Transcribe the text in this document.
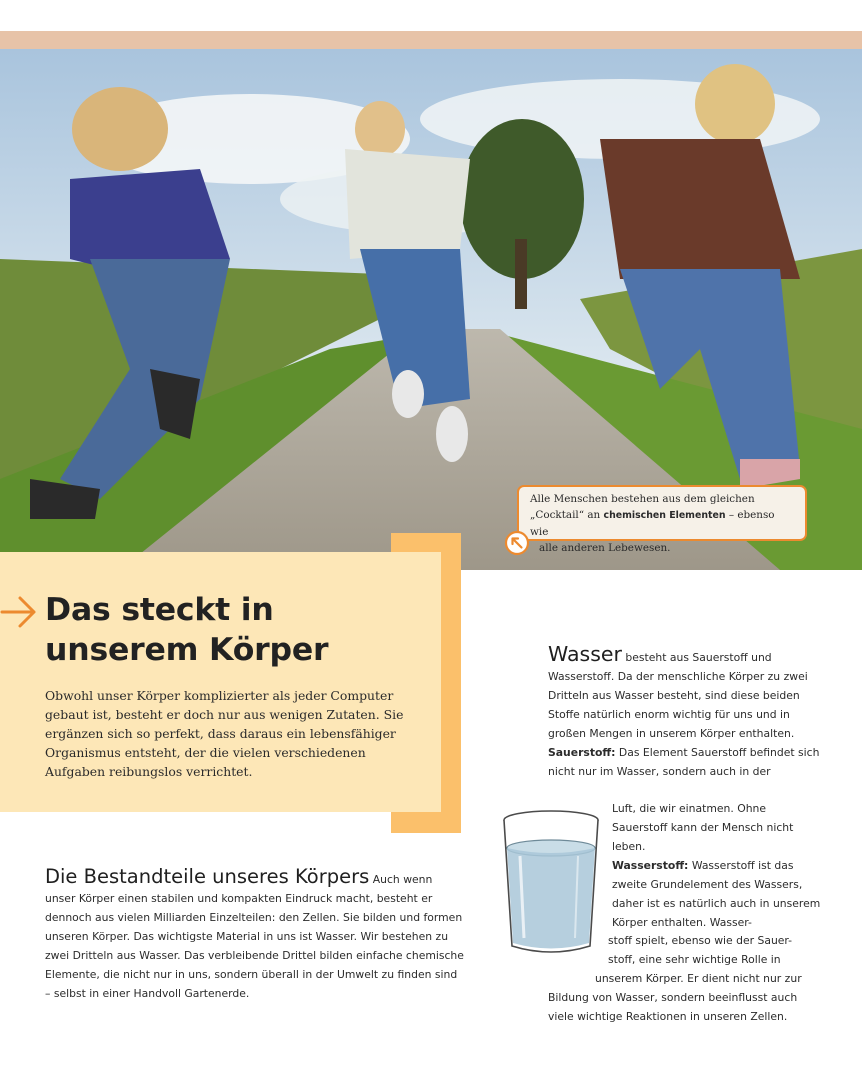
Alle Menschen bestehen aus dem gleichen
„Cocktail“ an chemischen Elementen – ebenso wie
alle anderen Lebewesen.
Das steckt in
unserem Körper

Obwohl unser Körper komplizierter als jeder Computer gebaut ist, besteht er doch nur aus wenigen Zutaten. Sie ergänzen sich so perfekt, dass daraus ein lebensfähiger Organismus entsteht, der die vielen verschiedenen Aufgaben reibungslos verrichtet.

Die Bestandteile unseres Körpers Auch wenn unser Körper einen stabilen und kompakten Eindruck macht, besteht er dennoch aus vielen Milliarden Einzelteilen: den Zellen. Sie bilden und formen unseren Körper. Das wichtigste Material in uns ist Wasser. Wir bestehen zu zwei Dritteln aus Wasser. Das verbleibende Drittel bilden einfache chemische Elemente, die nicht nur in uns, sondern überall in der Umwelt zu finden sind – selbst in einer Handvoll Gartenerde.

Wasser besteht aus Sauerstoff und Wasserstoff. Da der menschliche Körper zu zwei Dritteln aus Wasser besteht, sind diese beiden Stoffe natürlich enorm wichtig für uns und in großen Mengen in unserem Körper enthalten.
Sauerstoff: Das Element Sauerstoff befindet sich nicht nur im Wasser, sondern auch in der

Luft, die wir einatmen. Ohne Sauerstoff kann der Mensch nicht leben.
Wasserstoff: Wasserstoff ist das zweite Grundelement des Wassers, daher ist es natürlich auch in unserem Körper enthalten. Wasser-

stoff spielt, ebenso wie der Sauer-
stoff, eine sehr wichtige Rolle in

unserem Körper. Er dient nicht nur zur Bildung von Wasser, sondern beeinflusst auch viele wichtige Reaktionen in unseren Zellen.
